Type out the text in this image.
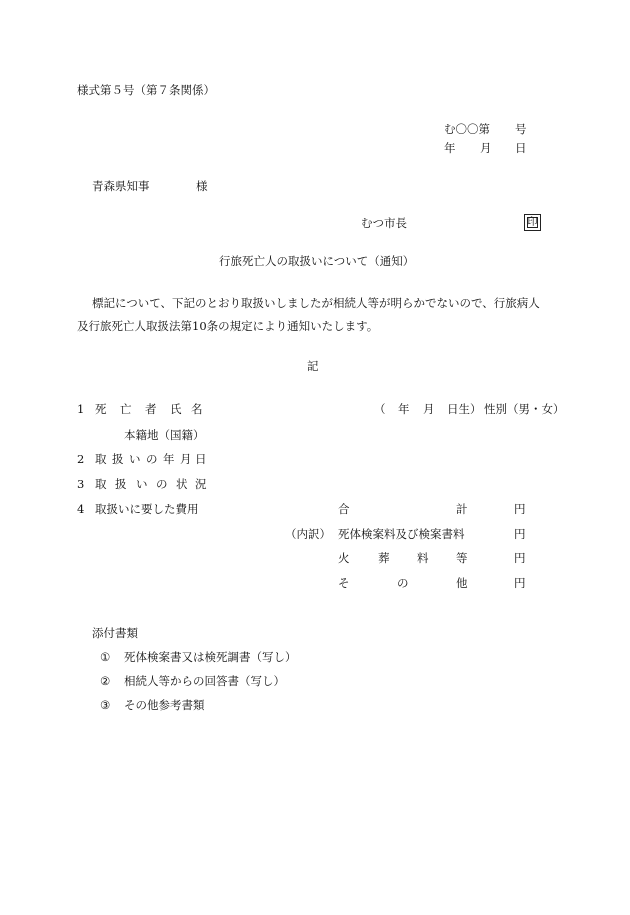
様式第５号（第７条関係）
む〇〇第 号
年 月 日
青森県知事	様
むつ市長	印
行旅死亡人の取扱いについて（通知）
標記について、下記のとおり取扱いしましたが相続人等が明らかでないので、行旅病人
及行旅死亡人取扱法第10条の規定により通知いたします。
記
1 死 亡 者 氏 名	（ 年 月 日生） 性別（男・女）
本籍地（国籍）
2 取 扱 い の 年 月 日
3 取 扱 い の 状 況
4 取扱いに要した費用	合	計	円
（内訳） 死体検案料及び検案書料	円
火 葬 料 等	円
そ	の	他	円
添付書類
① 死体検案書又は検死調書（写し）
② 相続人等からの回答書（写し）
③ その他参考書類
